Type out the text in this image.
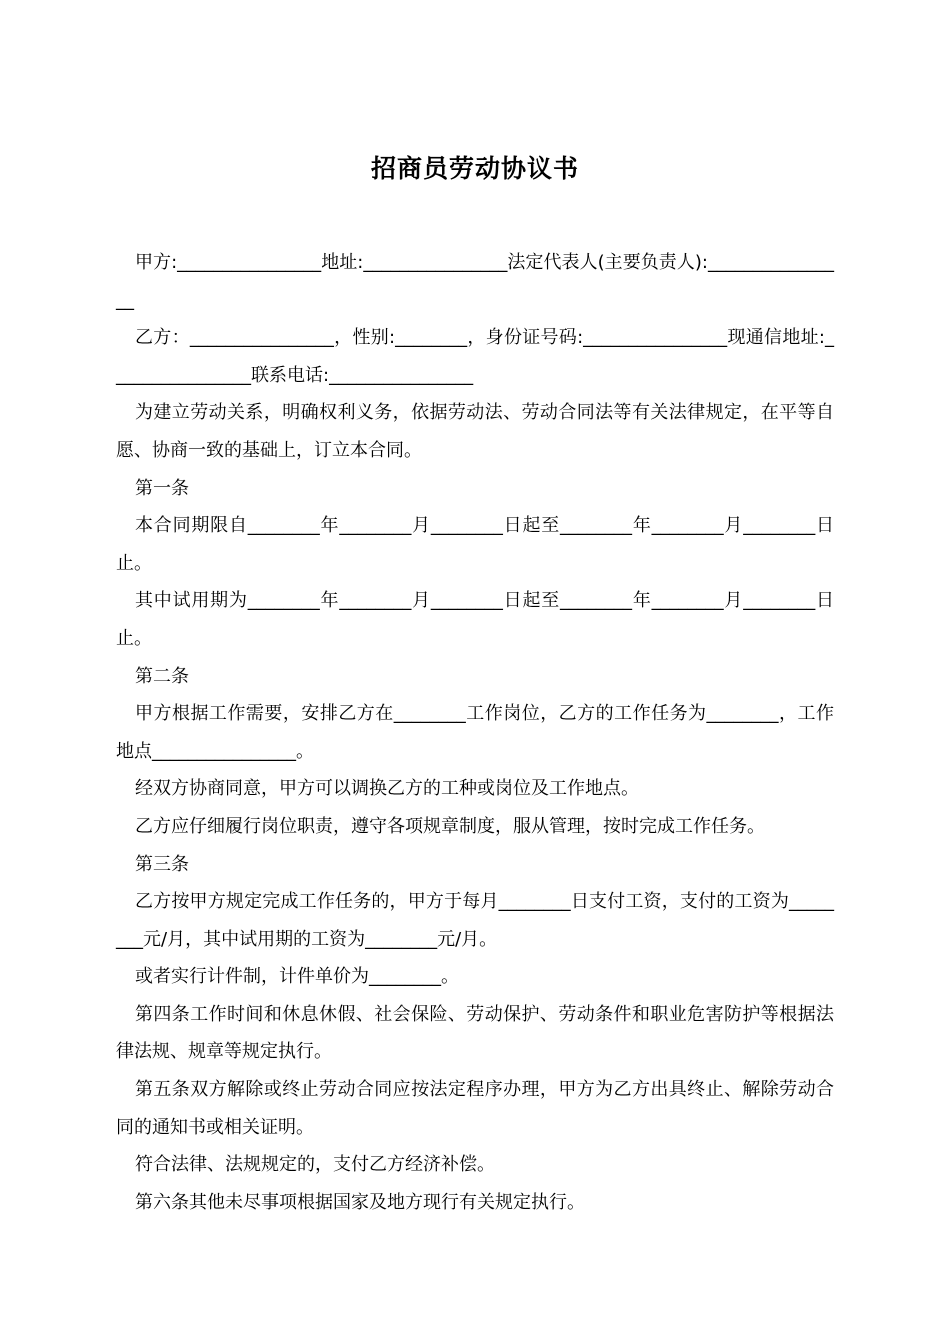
招商员劳动协议书

甲方:________________地址:________________法定代表人(主要负责人):________________

乙方：________________，性别:________，身份证号码:________________现通信地址:________________联系电话:________________

为建立劳动关系，明确权利义务，依据劳动法、劳动合同法等有关法律规定，在平等自愿、协商一致的基础上，订立本合同。

第一条

本合同期限自________年________月________日起至________年________月________日止。

其中试用期为________年________月________日起至________年________月________日止。

第二条

甲方根据工作需要，安排乙方在________工作岗位，乙方的工作任务为________，工作地点________________。

经双方协商同意，甲方可以调换乙方的工种或岗位及工作地点。

乙方应仔细履行岗位职责，遵守各项规章制度，服从管理，按时完成工作任务。

第三条

乙方按甲方规定完成工作任务的，甲方于每月________日支付工资，支付的工资为________元/月，其中试用期的工资为________元/月。

或者实行计件制，计件单价为________。

第四条工作时间和休息休假、社会保险、劳动保护、劳动条件和职业危害防护等根据法律法规、规章等规定执行。

第五条双方解除或终止劳动合同应按法定程序办理，甲方为乙方出具终止、解除劳动合同的通知书或相关证明。

符合法律、法规规定的，支付乙方经济补偿。

第六条其他未尽事项根据国家及地方现行有关规定执行。
